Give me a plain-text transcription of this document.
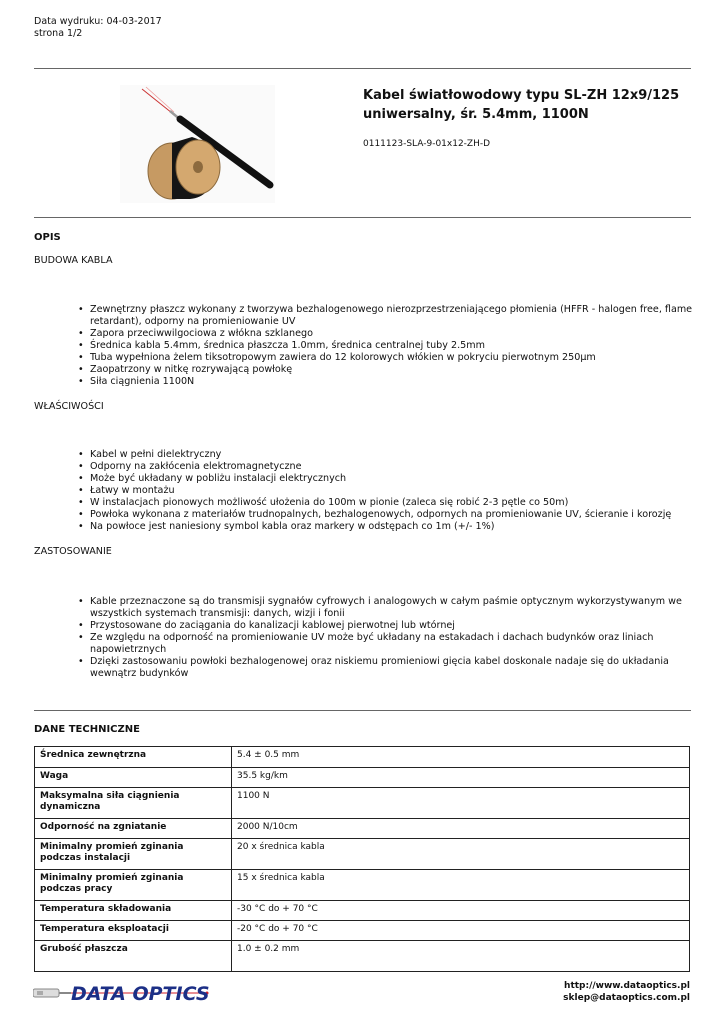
Data wydruku: 04-03-2017
strona 1/2
Kabel światłowodowy typu SL-ZH 12x9/125 uniwersalny, śr. 5.4mm, 1100N
0111123-SLA-9-01x12-ZH-D
OPIS
BUDOWA KABLA
• Zewnętrzny płaszcz wykonany z tworzywa bezhalogenowego nierozprzestrzeniającego płomienia (HFFR - halogen free, flame retardant), odporny na promieniowanie UV
• Zapora przeciwwilgociowa z włókna szklanego
• Średnica kabla 5.4mm, średnica płaszcza 1.0mm, średnica centralnej tuby 2.5mm
• Tuba wypełniona żelem tiksotropowym zawiera do 12 kolorowych włókien w pokryciu pierwotnym 250µm
• Zaopatrzony w nitkę rozrywającą powłokę
• Siła ciągnienia 1100N
WŁAŚCIWOŚCI
• Kabel w pełni dielektryczny
• Odporny na zakłócenia elektromagnetyczne
• Może być układany w pobliżu instalacji elektrycznych
• Łatwy w montażu
• W instalacjach pionowych możliwość ułożenia do 100m w pionie (zaleca się robić 2-3 pętle co 50m)
• Powłoka wykonana z materiałów trudnopalnych, bezhalogenowych, odpornych na promieniowanie UV, ścieranie i korozję
• Na powłoce jest naniesiony symbol kabla oraz markery w odstępach co 1m (+/- 1%)
ZASTOSOWANIE
• Kable przeznaczone są do transmisji sygnałów cyfrowych i analogowych w całym paśmie optycznym wykorzystywanym we wszystkich systemach transmisji: danych, wizji i fonii
• Przystosowane do zaciągania do kanalizacji kablowej pierwotnej lub wtórnej
• Ze względu na odporność na promieniowanie UV może być układany na estakadach i dachach budynków oraz liniach napowietrznych
• Dzięki zastosowaniu powłoki bezhalogenowej oraz niskiemu promieniowi gięcia kabel doskonale nadaje się do układania wewnątrz budynków
DANE TECHNICZNE
Średnica zewnętrzna	5.4 ± 0.5 mm
Waga	35.5 kg/km
Maksymalna siła ciągnienia dynamiczna	1100 N
Odporność na zgniatanie	2000 N/10cm
Minimalny promień zginania podczas instalacji	20 x średnica kabla
Minimalny promień zginania podczas pracy	15 x średnica kabla
Temperatura składowania	-30 °C do + 70 °C
Temperatura eksploatacji	-20 °C do + 70 °C
Grubość płaszcza	1.0 ± 0.2 mm
DATA OPTICS	http://www.dataoptics.pl
sklep@dataoptics.com.pl
